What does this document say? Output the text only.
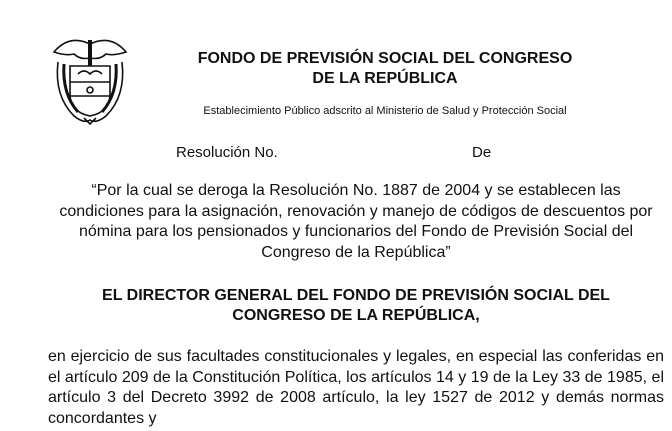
FONDO DE PREVISIÓN SOCIAL DEL CONGRESO
DE LA REPÚBLICA
Establecimiento Público adscrito al Ministerio de Salud y Protección Social
Resolución No.	De
“Por la cual se deroga la Resolución No. 1887 de 2004 y se establecen las condiciones para la asignación, renovación y manejo de códigos de descuentos por nómina para los pensionados y funcionarios del Fondo de Previsión Social del Congreso de la República”
EL DIRECTOR GENERAL DEL FONDO DE PREVISIÓN SOCIAL DEL
CONGRESO DE LA REPÚBLICA,
en ejercicio de sus facultades constitucionales y legales, en especial las conferidas en el artículo 209 de la Constitución Política, los artículos 14 y 19 de la Ley 33 de 1985, el artículo 3 del Decreto 3992 de 2008 artículo, la ley 1527 de 2012 y demás normas concordantes y
